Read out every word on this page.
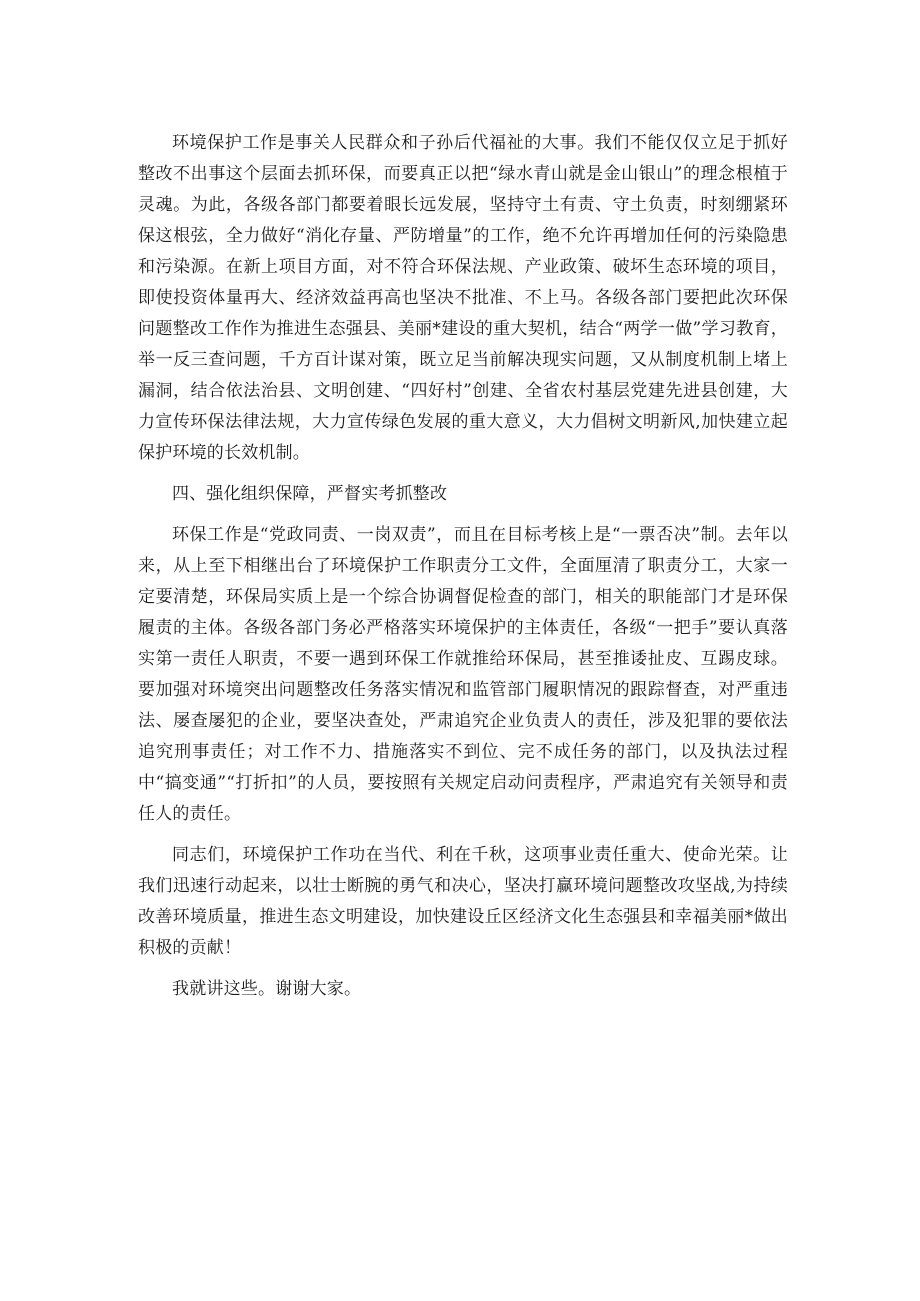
环境保护工作是事关人民群众和子孙后代福祉的大事。我们不能仅仅立足于抓好整改不出事这个层面去抓环保，而要真正以把“绿水青山就是金山银山”的理念根植于灵魂。为此，各级各部门都要着眼长远发展，坚持守土有责、守土负责，时刻绷紧环保这根弦，全力做好“消化存量、严防增量”的工作，绝不允许再增加任何的污染隐患和污染源。在新上项目方面，对不符合环保法规、产业政策、破坏生态环境的项目，即使投资体量再大、经济效益再高也坚决不批准、不上马。各级各部门要把此次环保问题整改工作作为推进生态强县、美丽*建设的重大契机，结合“两学一做”学习教育，举一反三查问题，千方百计谋对策，既立足当前解决现实问题，又从制度机制上堵上漏洞，结合依法治县、文明创建、“四好村”创建、全省农村基层党建先进县创建，大力宣传环保法律法规，大力宣传绿色发展的重大意义，大力倡树文明新风,加快建立起保护环境的长效机制。

四、强化组织保障，严督实考抓整改

环保工作是“党政同责、一岗双责”，而且在目标考核上是“一票否决”制。去年以来，从上至下相继出台了环境保护工作职责分工文件，全面厘清了职责分工，大家一定要清楚，环保局实质上是一个综合协调督促检查的部门，相关的职能部门才是环保履责的主体。各级各部门务必严格落实环境保护的主体责任，各级“一把手”要认真落实第一责任人职责，不要一遇到环保工作就推给环保局，甚至推诿扯皮、互踢皮球。要加强对环境突出问题整改任务落实情况和监管部门履职情况的跟踪督查，对严重违法、屡查屡犯的企业，要坚决查处，严肃追究企业负责人的责任，涉及犯罪的要依法追究刑事责任；对工作不力、措施落实不到位、完不成任务的部门，以及执法过程中“搞变通”“打折扣”的人员，要按照有关规定启动问责程序，严肃追究有关领导和责任人的责任。

同志们，环境保护工作功在当代、利在千秋，这项事业责任重大、使命光荣。让我们迅速行动起来，以壮士断腕的勇气和决心，坚决打赢环境问题整改攻坚战,为持续改善环境质量，推进生态文明建设，加快建设丘区经济文化生态强县和幸福美丽*做出积极的贡献！

我就讲这些。谢谢大家。
